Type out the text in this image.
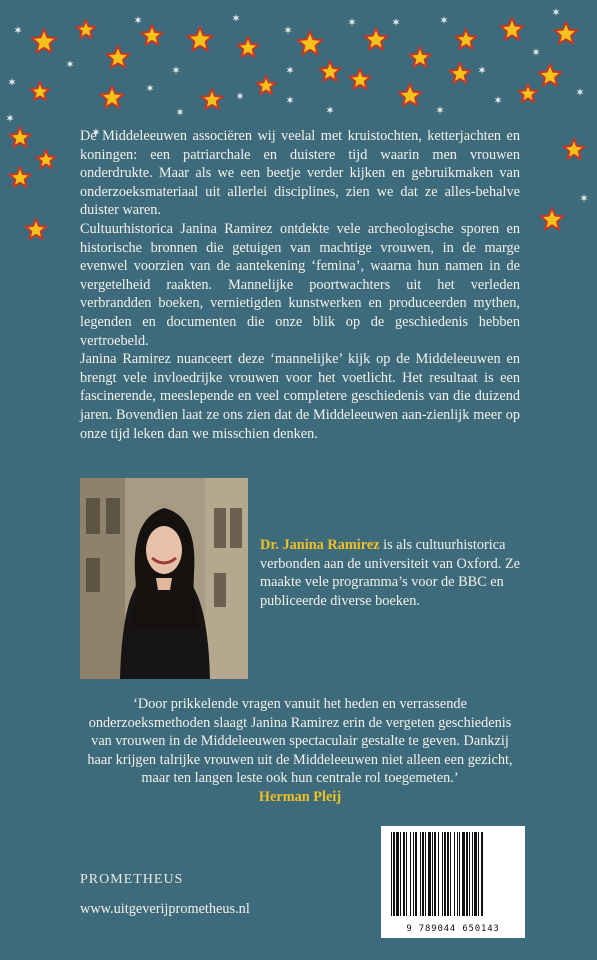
De Middeleeuwen associëren wij veelal met kruistochten, ketterjachten en koningen: een patriarchale en duistere tijd waarin men vrouwen onderdrukte. Maar als we een beetje verder kijken en gebruikmaken van onderzoeksmateriaal uit allerlei disciplines, zien we dat ze alles-behalve duister waren.

Cultuurhistorica Janina Ramirez ontdekte vele archeologische sporen en historische bronnen die getuigen van machtige vrouwen, in de marge evenwel voorzien van de aantekening ‘femina’, waarna hun namen in de vergetelheid raakten. Mannelijke poortwachters uit het verleden verbrandden boeken, vernietigden kunstwerken en produceerden mythen, legenden en documenten die onze blik op de geschiedenis hebben vertroebeld.

Janina Ramirez nuanceert deze ‘mannelijke’ kijk op de Middeleeuwen en brengt vele invloedrijke vrouwen voor het voetlicht. Het resultaat is een fascinerende, meeslepende en veel completere geschiedenis van die duizend jaren. Bovendien laat ze ons zien dat de Middeleeuwen aan-zienlijk meer op onze tijd leken dan we misschien denken.

Dr. Janina Ramirez is als cultuurhistorica verbonden aan de universiteit van Oxford. Ze maakte vele programma’s voor de BBC en publiceerde diverse boeken.

‘Door prikkelende vragen vanuit het heden en verrassende onderzoeksmethoden slaagt Janina Ramirez erin de vergeten geschiedenis van vrouwen in de Middeleeuwen spectaculair gestalte te geven. Dankzij haar krijgen talrijke vrouwen uit de Middeleeuwen niet alleen een gezicht, maar ten langen leste ook hun centrale rol toegemeten.’
Herman Pleij
PROMETHEUS
www.uitgeverijprometheus.nl
9 789044 650143
